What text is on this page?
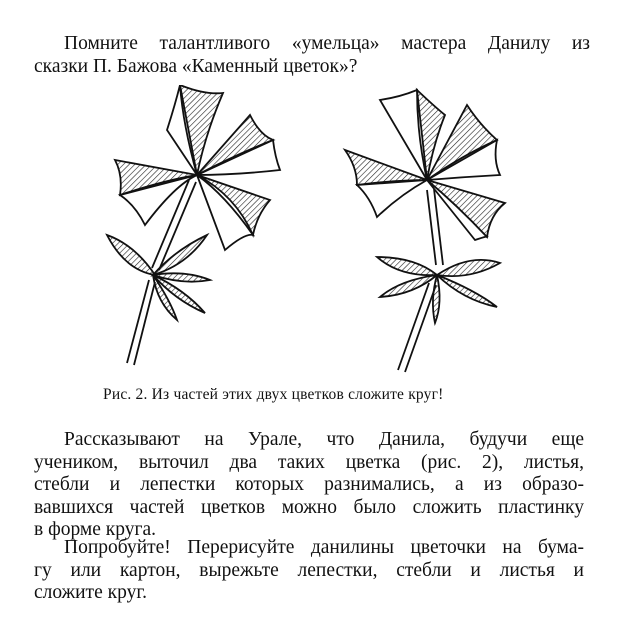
Помните талантливого «умельца» мастера Данилу из
сказки П. Бажова «Каменный цветок»?
Рис. 2. Из частей этих двух цветков сложите круг!
Рассказывают на Урале, что Данила, будучи еще
учеником, выточил два таких цветка (рис. 2), листья,
стебли и лепестки которых разнимались, а из образо-
вавшихся частей цветков можно было сложить пластинку
в форме круга.
Попробуйте! Перерисуйте данилины цветочки на бума-
гу или картон, вырежьте лепестки, стебли и листья и
сложите круг.
